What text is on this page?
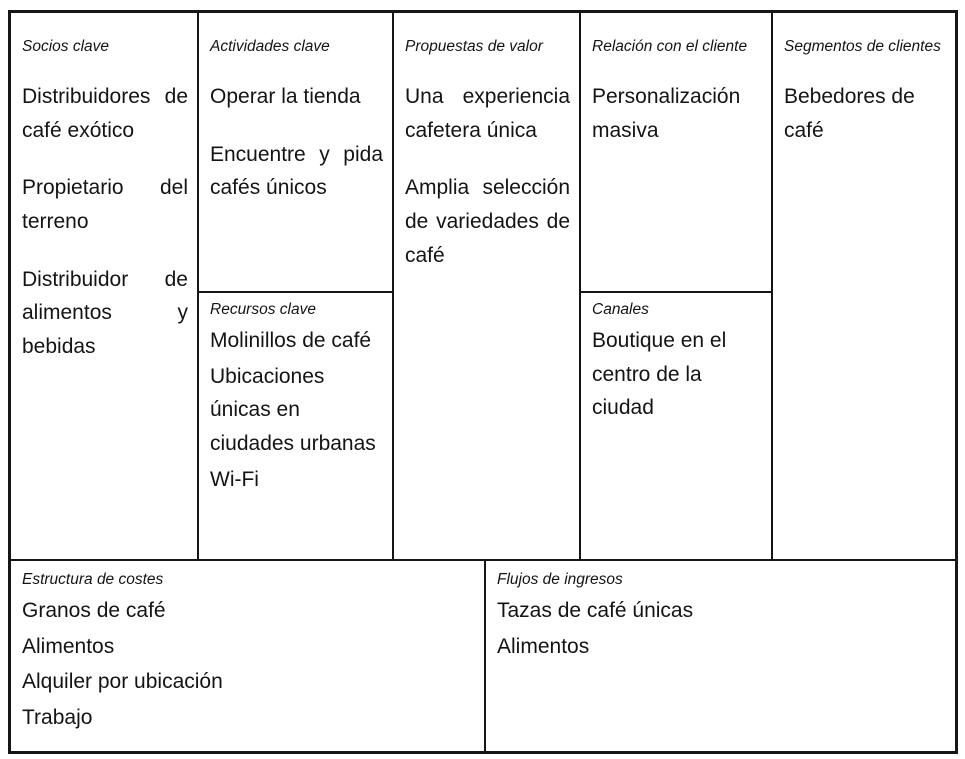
Socios clave

Distribuidores de café exótico

Propietario del terreno

Distribuidor de alimentos y bebidas

Actividades clave

Operar la tienda

Encuentre y pida cafés únicos

Recursos clave

Molinillos de café

Ubicaciones únicas en ciudades urbanas

Wi-Fi

Propuestas de valor

Una experiencia cafetera única

Amplia selección de variedades de café

Relación con el cliente

Personalización masiva

Canales

Boutique en el centro de la ciudad

Segmentos de clientes

Bebedores de café

Estructura de costes

Granos de café

Alimentos

Alquiler por ubicación

Trabajo

Flujos de ingresos

Tazas de café únicas

Alimentos
